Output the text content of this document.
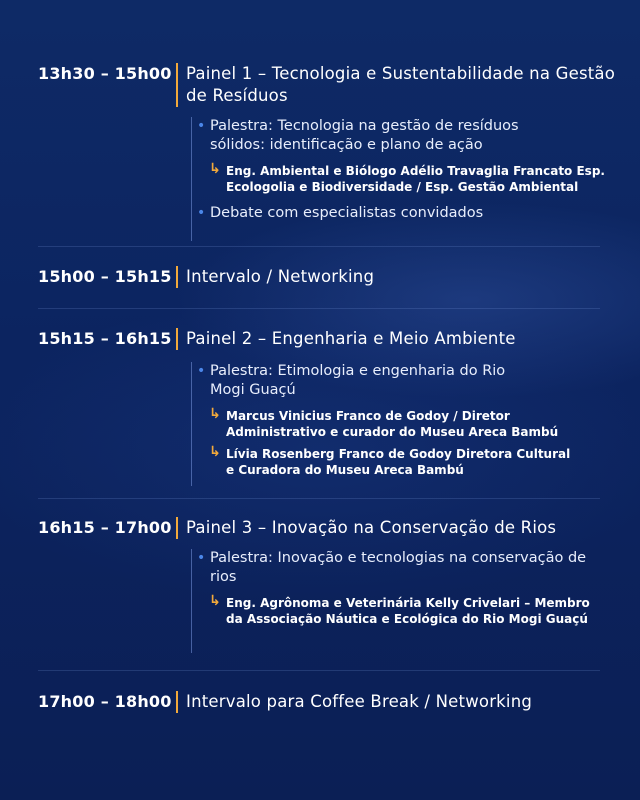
13h30 – 15h00 Painel 1 – Tecnologia e Sustentabilidade na Gestão de Resíduos
• Palestra: Tecnologia na gestão de resíduos sólidos: identificação e plano de ação
↳ Eng. Ambiental e Biólogo Adélio Travaglia Francato Esp. Ecologolia e Biodiversidade / Esp. Gestão Ambiental
• Debate com especialistas convidados
15h00 – 15h15 Intervalo / Networking
15h15 – 16h15 Painel 2 – Engenharia e Meio Ambiente
• Palestra: Etimologia e engenharia do Rio Mogi Guaçú
↳ Marcus Vinicius Franco de Godoy / Diretor Administrativo e curador do Museu Areca Bambú
↳ Lívia Rosenberg Franco de Godoy Diretora Cultural e Curadora do Museu Areca Bambú
16h15 – 17h00 Painel 3 – Inovação na Conservação de Rios
• Palestra: Inovação e tecnologias na conservação de rios
↳ Eng. Agrônoma e Veterinária Kelly Crivelari – Membro da Associação Náutica e Ecológica do Rio Mogi Guaçú
17h00 – 18h00 Intervalo para Coffee Break / Networking
